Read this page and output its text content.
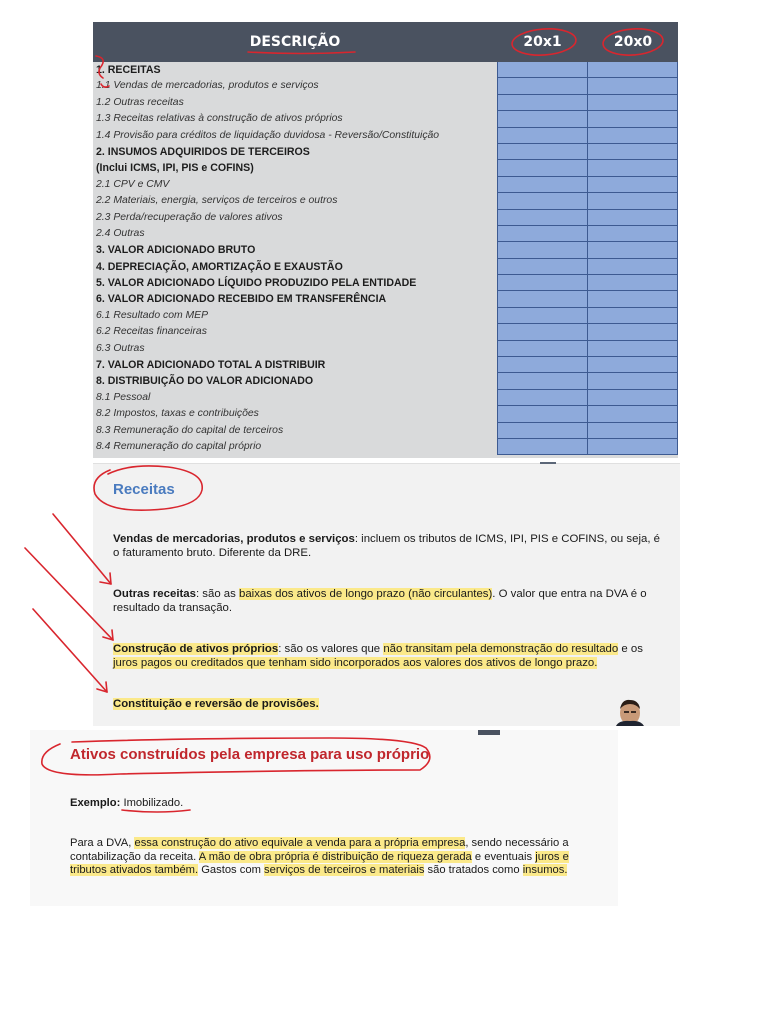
DESCRIÇÃO	20x1	20x0
1. RECEITAS
1.1 Vendas de mercadorias, produtos e serviços
1.2 Outras receitas
1.3 Receitas relativas à construção de ativos próprios
1.4 Provisão para créditos de liquidação duvidosa - Reversão/Constituição
2. INSUMOS ADQUIRIDOS DE TERCEIROS
(Inclui ICMS, IPI, PIS e COFINS)
2.1 CPV e CMV
2.2 Materiais, energia, serviços de terceiros e outros
2.3 Perda/recuperação de valores ativos
2.4 Outras
3. VALOR ADICIONADO BRUTO
4. DEPRECIAÇÃO, AMORTIZAÇÃO E EXAUSTÃO
5. VALOR ADICIONADO LÍQUIDO PRODUZIDO PELA ENTIDADE
6. VALOR ADICIONADO RECEBIDO EM TRANSFERÊNCIA
6.1 Resultado com MEP
6.2 Receitas financeiras
6.3 Outras
7. VALOR ADICIONADO TOTAL A DISTRIBUIR
8. DISTRIBUIÇÃO DO VALOR ADICIONADO
8.1 Pessoal
8.2 Impostos, taxas e contribuições
8.3 Remuneração do capital de terceiros
8.4 Remuneração do capital próprio
Receitas
Vendas de mercadorias, produtos e serviços: incluem os tributos de ICMS, IPI, PIS e COFINS, ou seja, é o faturamento bruto. Diferente da DRE.
Outras receitas: são as baixas dos ativos de longo prazo (não circulantes). O valor que entra na DVA é o resultado da transação.
Construção de ativos próprios: são os valores que não transitam pela demonstração do resultado e os juros pagos ou creditados que tenham sido incorporados aos valores dos ativos de longo prazo.
Constituição e reversão de provisões.
Ativos construídos pela empresa para uso próprio
Exemplo: Imobilizado.
Para a DVA, essa construção do ativo equivale a venda para a própria empresa, sendo necessário a contabilização da receita. A mão de obra própria é distribuição de riqueza gerada e eventuais juros e tributos ativados também. Gastos com serviços de terceiros e materiais são tratados como insumos.
